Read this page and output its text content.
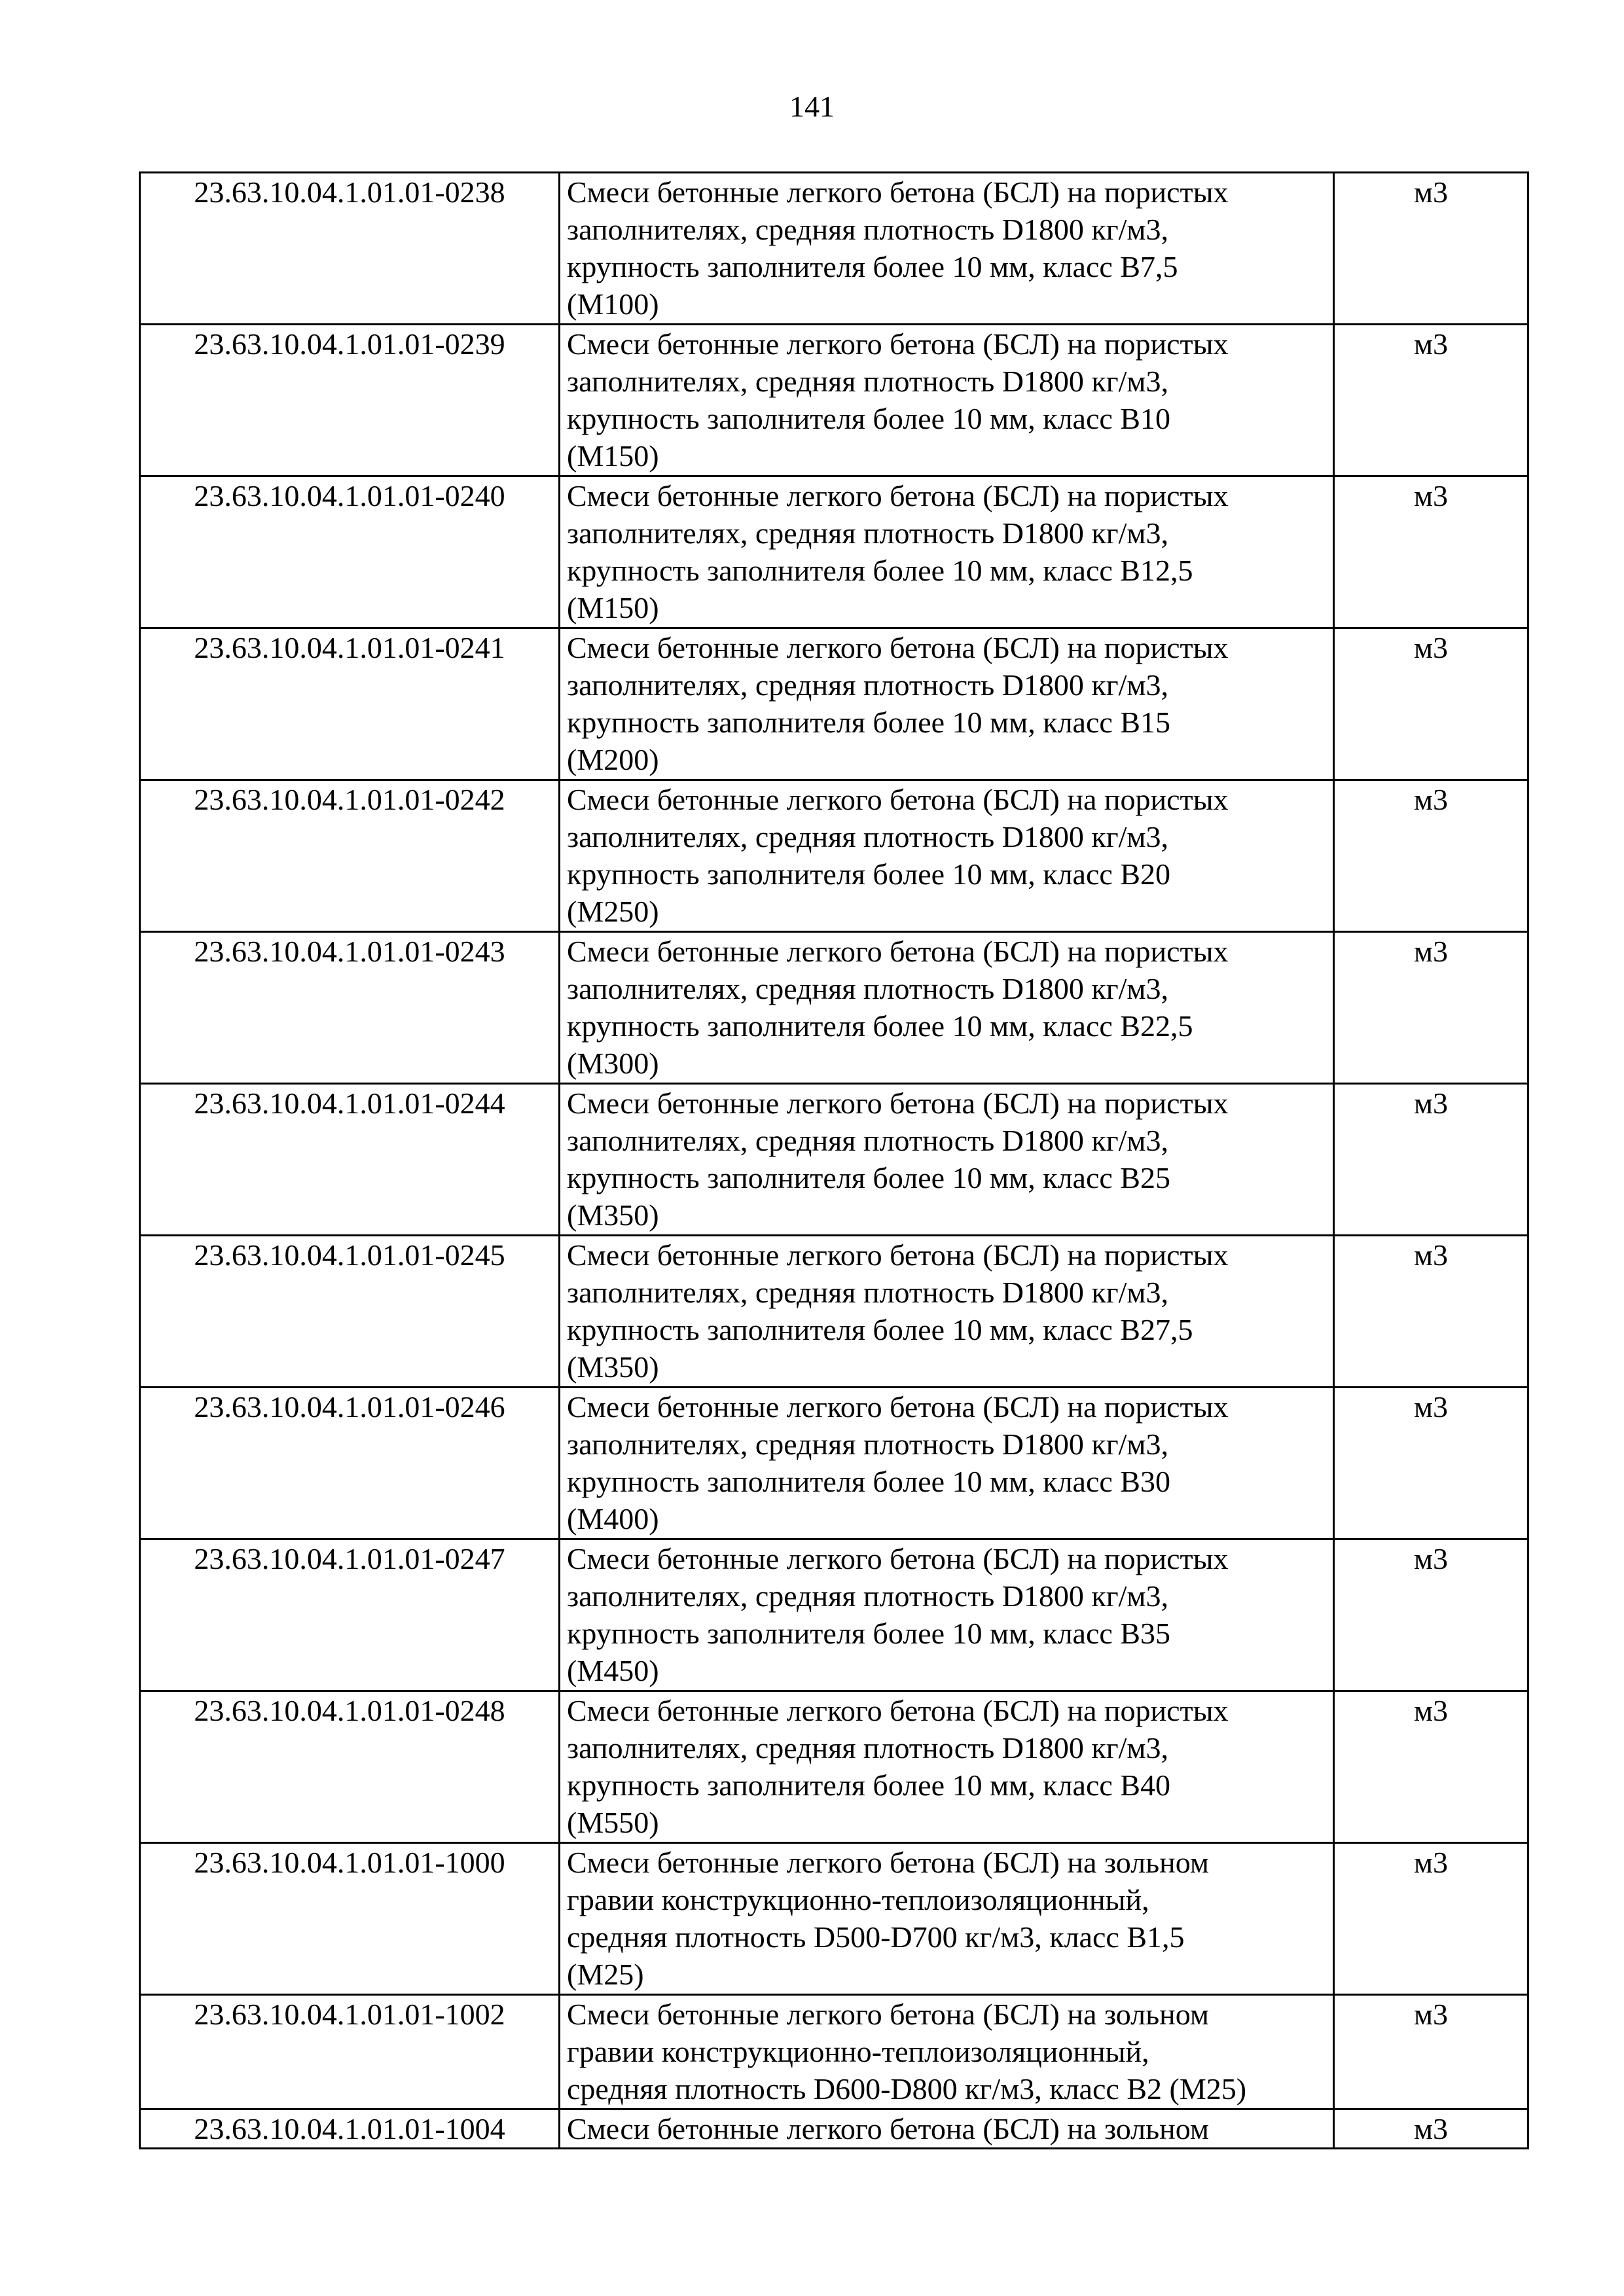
141
23.63.10.04.1.01.01-0238	Смеси бетонные легкого бетона (БСЛ) на пористых
заполнителях, средняя плотность D1800 кг/м3,
крупность заполнителя более 10 мм, класс В7,5
(М100)	м3
23.63.10.04.1.01.01-0239	Смеси бетонные легкого бетона (БСЛ) на пористых
заполнителях, средняя плотность D1800 кг/м3,
крупность заполнителя более 10 мм, класс В10
(М150)	м3
23.63.10.04.1.01.01-0240	Смеси бетонные легкого бетона (БСЛ) на пористых
заполнителях, средняя плотность D1800 кг/м3,
крупность заполнителя более 10 мм, класс В12,5
(М150)	м3
23.63.10.04.1.01.01-0241	Смеси бетонные легкого бетона (БСЛ) на пористых
заполнителях, средняя плотность D1800 кг/м3,
крупность заполнителя более 10 мм, класс В15
(М200)	м3
23.63.10.04.1.01.01-0242	Смеси бетонные легкого бетона (БСЛ) на пористых
заполнителях, средняя плотность D1800 кг/м3,
крупность заполнителя более 10 мм, класс В20
(М250)	м3
23.63.10.04.1.01.01-0243	Смеси бетонные легкого бетона (БСЛ) на пористых
заполнителях, средняя плотность D1800 кг/м3,
крупность заполнителя более 10 мм, класс В22,5
(М300)	м3
23.63.10.04.1.01.01-0244	Смеси бетонные легкого бетона (БСЛ) на пористых
заполнителях, средняя плотность D1800 кг/м3,
крупность заполнителя более 10 мм, класс В25
(М350)	м3
23.63.10.04.1.01.01-0245	Смеси бетонные легкого бетона (БСЛ) на пористых
заполнителях, средняя плотность D1800 кг/м3,
крупность заполнителя более 10 мм, класс В27,5
(М350)	м3
23.63.10.04.1.01.01-0246	Смеси бетонные легкого бетона (БСЛ) на пористых
заполнителях, средняя плотность D1800 кг/м3,
крупность заполнителя более 10 мм, класс В30
(М400)	м3
23.63.10.04.1.01.01-0247	Смеси бетонные легкого бетона (БСЛ) на пористых
заполнителях, средняя плотность D1800 кг/м3,
крупность заполнителя более 10 мм, класс В35
(М450)	м3
23.63.10.04.1.01.01-0248	Смеси бетонные легкого бетона (БСЛ) на пористых
заполнителях, средняя плотность D1800 кг/м3,
крупность заполнителя более 10 мм, класс В40
(М550)	м3
23.63.10.04.1.01.01-1000	Смеси бетонные легкого бетона (БСЛ) на зольном
гравии конструкционно-теплоизоляционный,
средняя плотность D500-D700 кг/м3, класс В1,5
(М25)	м3
23.63.10.04.1.01.01-1002	Смеси бетонные легкого бетона (БСЛ) на зольном
гравии конструкционно-теплоизоляционный,
средняя плотность D600-D800 кг/м3, класс В2 (М25)	м3
23.63.10.04.1.01.01-1004	Смеси бетонные легкого бетона (БСЛ) на зольном	м3
